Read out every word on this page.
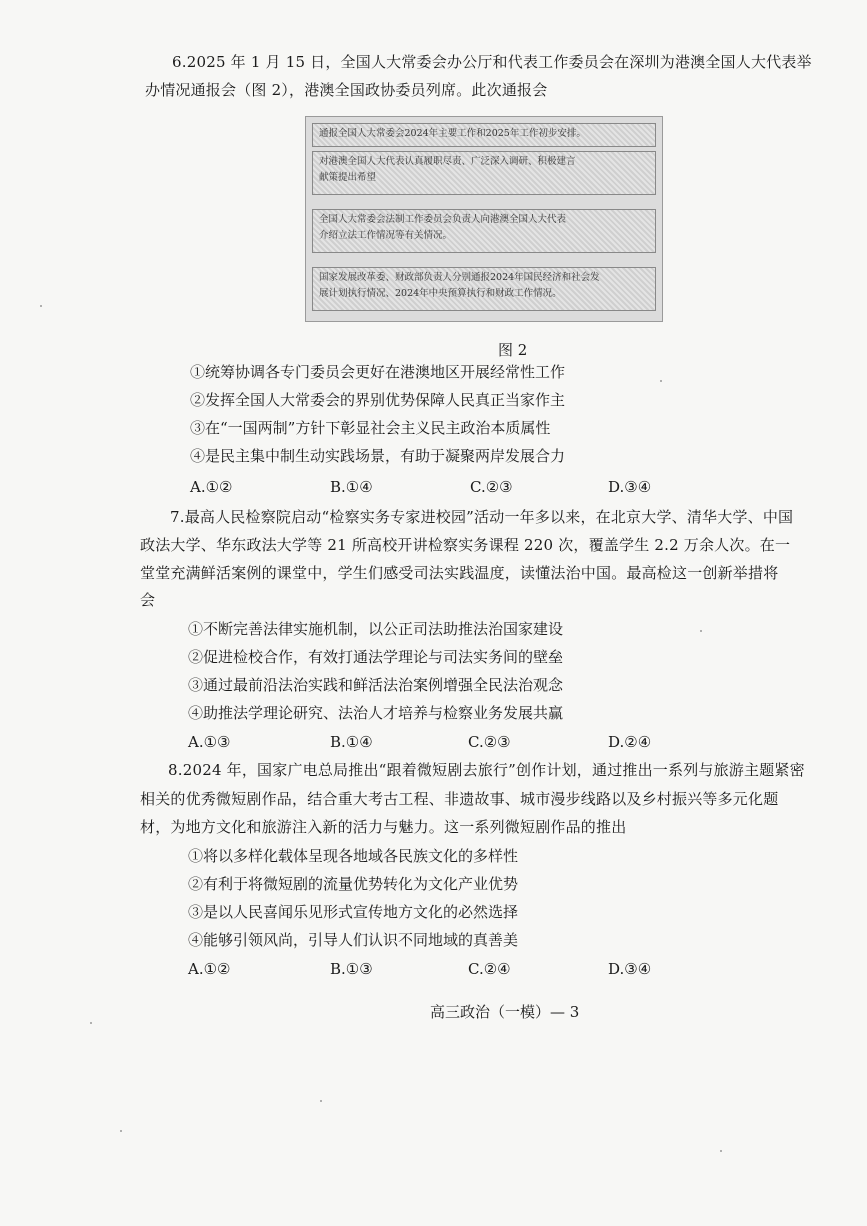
6.2025 年 1 月 15 日，全国人大常委会办公厅和代表工作委员会在深圳为港澳全国人大代表举
办情况通报会（图 2），港澳全国政协委员列席。此次通报会
通报全国人大常委会2024年主要工作和2025年工作初步安排。
对港澳全国人大代表认真履职尽责、广泛深入调研、积极建言
献策提出希望
全国人大常委会法制工作委员会负责人向港澳全国人大代表
介绍立法工作情况等有关情况。
国家发展改革委、财政部负责人分别通报2024年国民经济和社会发
展计划执行情况、2024年中央预算执行和财政工作情况。
图 2
①统筹协调各专门委员会更好在港澳地区开展经常性工作
②发挥全国人大常委会的界别优势保障人民真正当家作主
③在“一国两制”方针下彰显社会主义民主政治本质属性
④是民主集中制生动实践场景，有助于凝聚两岸发展合力
A.①②	B.①④	C.②③	D.③④
7.最高人民检察院启动“检察实务专家进校园”活动一年多以来，在北京大学、清华大学、中国
政法大学、华东政法大学等 21 所高校开讲检察实务课程 220 次，覆盖学生 2.2 万余人次。在一
堂堂充满鲜活案例的课堂中，学生们感受司法实践温度，读懂法治中国。最高检这一创新举措将
会
①不断完善法律实施机制，以公正司法助推法治国家建设
②促进检校合作，有效打通法学理论与司法实务间的壁垒
③通过最前沿法治实践和鲜活法治案例增强全民法治观念
④助推法学理论研究、法治人才培养与检察业务发展共赢
A.①③	B.①④	C.②③	D.②④
8.2024 年，国家广电总局推出“跟着微短剧去旅行”创作计划，通过推出一系列与旅游主题紧密
相关的优秀微短剧作品，结合重大考古工程、非遗故事、城市漫步线路以及乡村振兴等多元化题
材，为地方文化和旅游注入新的活力与魅力。这一系列微短剧作品的推出
①将以多样化载体呈现各地域各民族文化的多样性
②有利于将微短剧的流量优势转化为文化产业优势
③是以人民喜闻乐见形式宣传地方文化的必然选择
④能够引领风尚，引导人们认识不同地域的真善美
A.①②	B.①③	C.②④	D.③④
高三政治（一模）— 3
